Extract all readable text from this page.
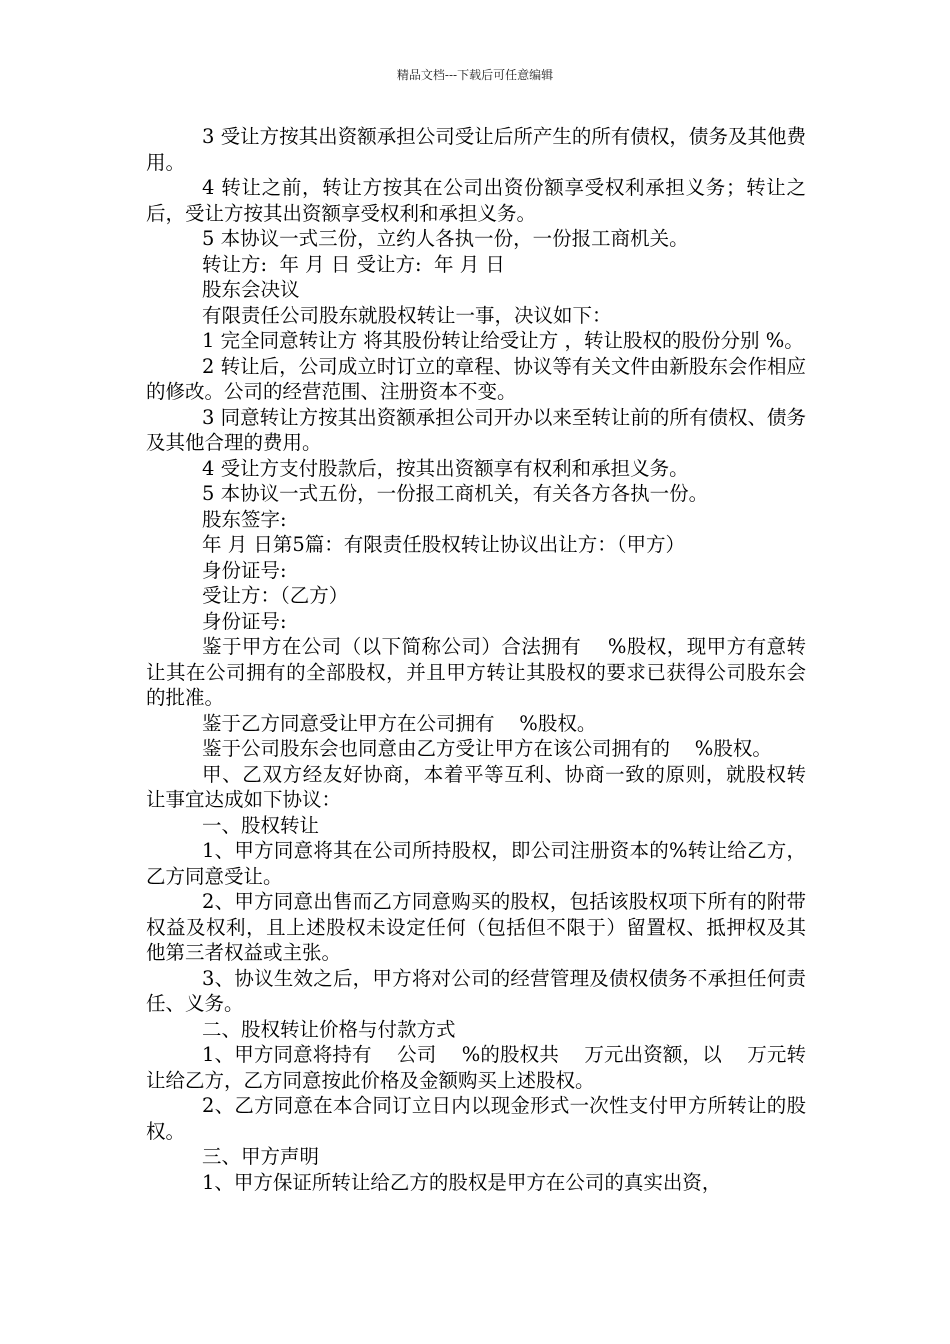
精品文档---下载后可任意编辑

3 受让方按其出资额承担公司受让后所产生的所有债权，债务及其他费用。

4 转让之前，转让方按其在公司出资份额享受权利承担义务；转让之后，受让方按其出资额享受权利和承担义务。

5 本协议一式三份，立约人各执一份，一份报工商机关。

转让方:  年 月 日 受让方:  年 月 日

股东会决议

有限责任公司股东就股权转让一事，决议如下：

1 完全同意转让方 将其股份转让给受让方 ，转让股权的股份分别 %。

2 转让后，公司成立时订立的章程、协议等有关文件由新股东会作相应的修改。公司的经营范围、注册资本不变。

3 同意转让方按其出资额承担公司开办以来至转让前的所有债权、债务及其他合理的费用。

4 受让方支付股款后，按其出资额享有权利和承担义务。

5 本协议一式五份，一份报工商机关，有关各方各执一份。

股东签字:

年 月 日第5篇：有限责任股权转让协议出让方：（甲方）

身份证号:

受让方：（乙方）

身份证号:

鉴于甲方在公司（以下简称公司）合法拥有    %股权，现甲方有意转让其在公司拥有的全部股权，并且甲方转让其股权的要求已获得公司股东会的批准。

鉴于乙方同意受让甲方在公司拥有    %股权。

鉴于公司股东会也同意由乙方受让甲方在该公司拥有的    %股权。

甲、乙双方经友好协商，本着平等互利、协商一致的原则，就股权转让事宜达成如下协议：

一、股权转让

1、甲方同意将其在公司所持股权，即公司注册资本的%转让给乙方，乙方同意受让。

2、甲方同意出售而乙方同意购买的股权，包括该股权项下所有的附带权益及权利，且上述股权未设定任何（包括但不限于）留置权、抵押权及其他第三者权益或主张。

3、协议生效之后，甲方将对公司的经营管理及债权债务不承担任何责任、义务。

二、股权转让价格与付款方式

1、甲方同意将持有    公司    %的股权共    万元出资额，以    万元转让给乙方，乙方同意按此价格及金额购买上述股权。

2、乙方同意在本合同订立日内以现金形式一次性支付甲方所转让的股权。

三、甲方声明

1、甲方保证所转让给乙方的股权是甲方在公司的真实出资，
